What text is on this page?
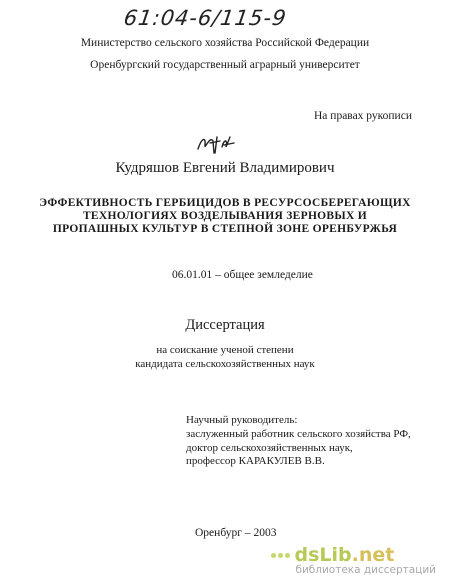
61:04-6/115-9
Министерство сельского хозяйства Российской Федерации
Оренбургский государственный аграрный университет
На правах рукописи
Кудряшов Евгений Владимирович
ЭФФЕКТИВНОСТЬ ГЕРБИЦИДОВ В РЕСУРСОСБЕРЕГАЮЩИХ
ТЕХНОЛОГИЯХ ВОЗДЕЛЫВАНИЯ ЗЕРНОВЫХ И
ПРОПАШНЫХ КУЛЬТУР В СТЕПНОЙ ЗОНЕ ОРЕНБУРЖЬЯ
06.01.01 – общее земледелие
Диссертация
на соискание ученой степени
кандидата сельскохозяйственных наук
Научный руководитель:
заслуженный работник сельского хозяйства РФ,
доктор сельскохозяйственных наук,
профессор КАРАКУЛЕВ В.В.
Оренбург – 2003
dsLib.net
библиотека диссертаций
